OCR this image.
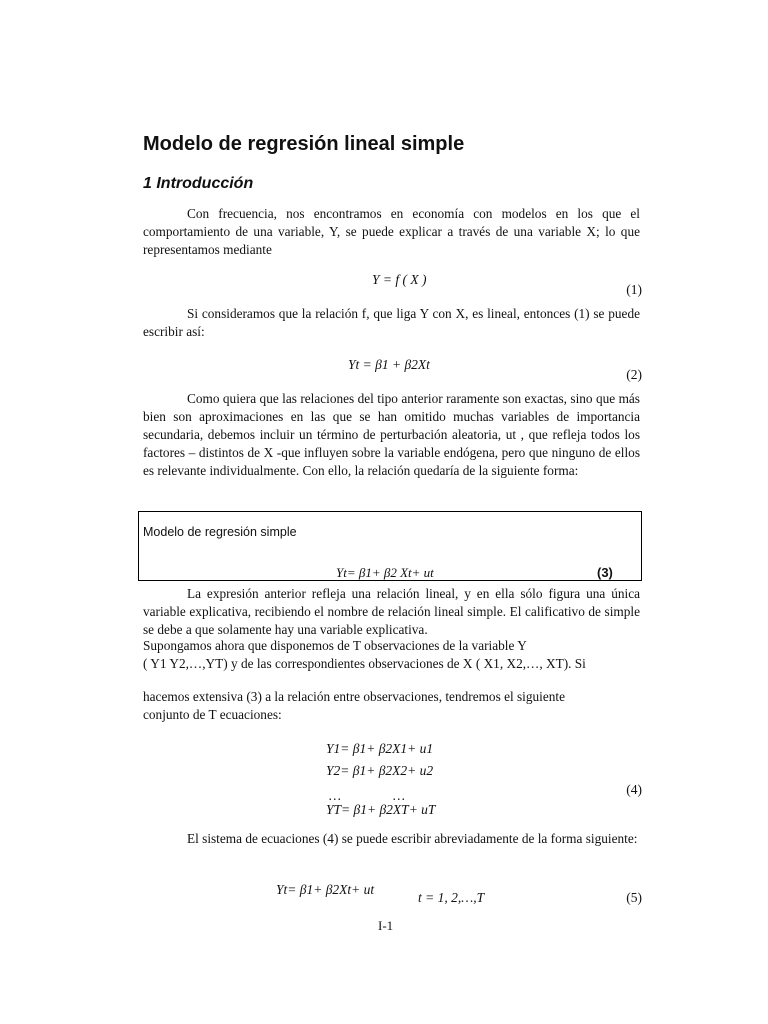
Modelo de regresión lineal simple
1 Introducción
Con frecuencia, nos encontramos en economía con modelos en los que el comportamiento de una variable, Y, se puede explicar a través de una variable X; lo que representamos mediante
Y = f ( X )
(1)
Si consideramos que la relación f, que liga Y con X, es lineal, entonces (1) se puede escribir así:
Yt = β1 + β2Xt
(2)
Como quiera que las relaciones del tipo anterior raramente son exactas, sino que más bien son aproximaciones en las que se han omitido muchas variables de importancia secundaria, debemos incluir un término de perturbación aleatoria, ut , que refleja todos los factores – distintos de X -que influyen sobre la variable endógena, pero que ninguno de ellos es relevante individualmente. Con ello, la relación quedaría de la siguiente forma:
Modelo de regresión simple
Yt= β1+ β2 Xt+ ut	(3)
La expresión anterior refleja una relación lineal, y en ella sólo figura una única variable explicativa, recibiendo el nombre de relación lineal simple. El calificativo de simple se debe a que solamente hay una variable explicativa.
Supongamos ahora que disponemos de T observaciones de la variable Y
( Y1 Y2,…,YT) y de las correspondientes observaciones de X ( X1, X2,…, XT). Si
hacemos extensiva (3) a la relación entre observaciones, tendremos el siguiente
conjunto de T ecuaciones:
Y1= β1+ β2X1+ u1
Y2= β1+ β2X2+ u2
…	…
YT= β1+ β2XT+ uT
(4)
El sistema de ecuaciones (4) se puede escribir abreviadamente de la forma siguiente:
Yt= β1+ β2Xt+ ut
t = 1, 2,…,T	(5)
I-1
